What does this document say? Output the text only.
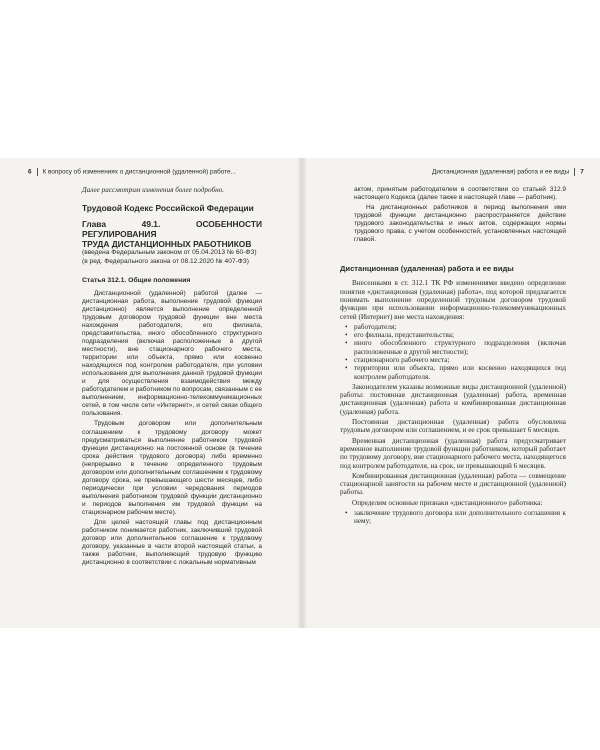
6 К вопросу об изменениях о дистанционной (удаленной) работе...

Далее рассмотрим изменения более подробно.

Трудовой Кодекс Российской Федерации
Глава 49.1. ОСОБЕННОСТИ РЕГУЛИРОВАНИЯ
ТРУДА ДИСТАНЦИОННЫХ РАБОТНИКОВ
(введена Федеральным законом от 05.04.2013 № 60-ФЗ)
(в ред. Федерального закона от 08.12.2020 № 407-ФЗ)
Статья 312.1. Общие положения

Дистанционной (удаленной) работой (далее — дистанционная работа, выполнение трудовой функции дистанционно) является выполнение определенной трудовым договором трудовой функции вне места нахождения работодателя, его филиала, представительства, иного обособленного структурного подразделения (включая расположенные в другой местности), вне стационарного рабочего места, территории или объекта, прямо или косвенно находящихся под контролем работодателя, при условии использования для выполнения данной трудовой функции и для осуществления взаимодействия между работодателем и работником по вопросам, связанным с ее выполнением, информационно-телекоммуникационных сетей, в том числе сети «Интернет», и сетей связи общего пользования.

Трудовым договором или дополнительным соглашением к трудовому договору может предусматриваться выполнение работником трудовой функции дистанционно на постоянной основе (в течение срока действия трудового договора) либо временно (непрерывно в течение определенного трудовым договором или дополнительным соглашением к трудовому договору срока, не превышающего шести месяцев, либо периодически при условии чередования периодов выполнения работником трудовой функции дистанционно и периодов выполнения им трудовой функции на стационарном рабочем месте).

Для целей настоящей главы под дистанционным работником понимается работник, заключивший трудовой договор или дополнительное соглашение к трудовому договору, указанные в части второй настоящей статьи, а также работник, выполняющий трудовую функцию дистанционно в соответствии с локальным нормативным

Дистанционная (удаленная) работа и ее виды 7

актом, принятым работодателем в соответствии со статьей 312.9 настоящего Кодекса (далее также в настоящей главе — работник).

На дистанционных работников в период выполнения ими трудовой функции дистанционно распространяется действие трудового законодательства и иных актов, содержащих нормы трудового права, с учетом особенностей, установленных настоящей главой.

Дистанционная (удаленная) работа и ее виды

Внесенными в ст. 312.1 ТК РФ изменениями введено определение понятия «дистанционная (удаленная) работа», под которой предлагается понимать выполнение определенной трудовым договором трудовой функции при использовании информационно-телекоммуникационных сетей (Интернет) вне места нахождения:

• работодателя;
• его филиала, представительства;
• иного обособленного структурного подразделения (включая расположенные в другой местности);
• стационарного рабочего места;
• территории или объекта, прямо или косвенно находящихся под контролем работодателя.

Законодателем указаны возможные виды дистанционной (удаленной) работы: постоянная дистанционная (удаленная) работа, временная дистанционная (удаленная) работа и комбинированная дистанционная (удаленная) работа.

Постоянная дистанционная (удаленная) работа обусловлена трудовым договором или соглашением, и ее срок превышает 6 месяцев.

Временная дистанционная (удаленная) работа предусматривает временное выполнение трудовой функции работником, который работает по трудовому договору, вне стационарного рабочего места, находящегося под контролем работодателя, на срок, не превышающий 6 месяцев.

Комбинированная дистанционная (удаленная) работа — совмещение стационарной занятости на рабочем месте и дистанционной (удаленной) работы.

Определим основные признаки «дистанционного» работника:

• заключение трудового договора или дополнительного соглашения к нему;
